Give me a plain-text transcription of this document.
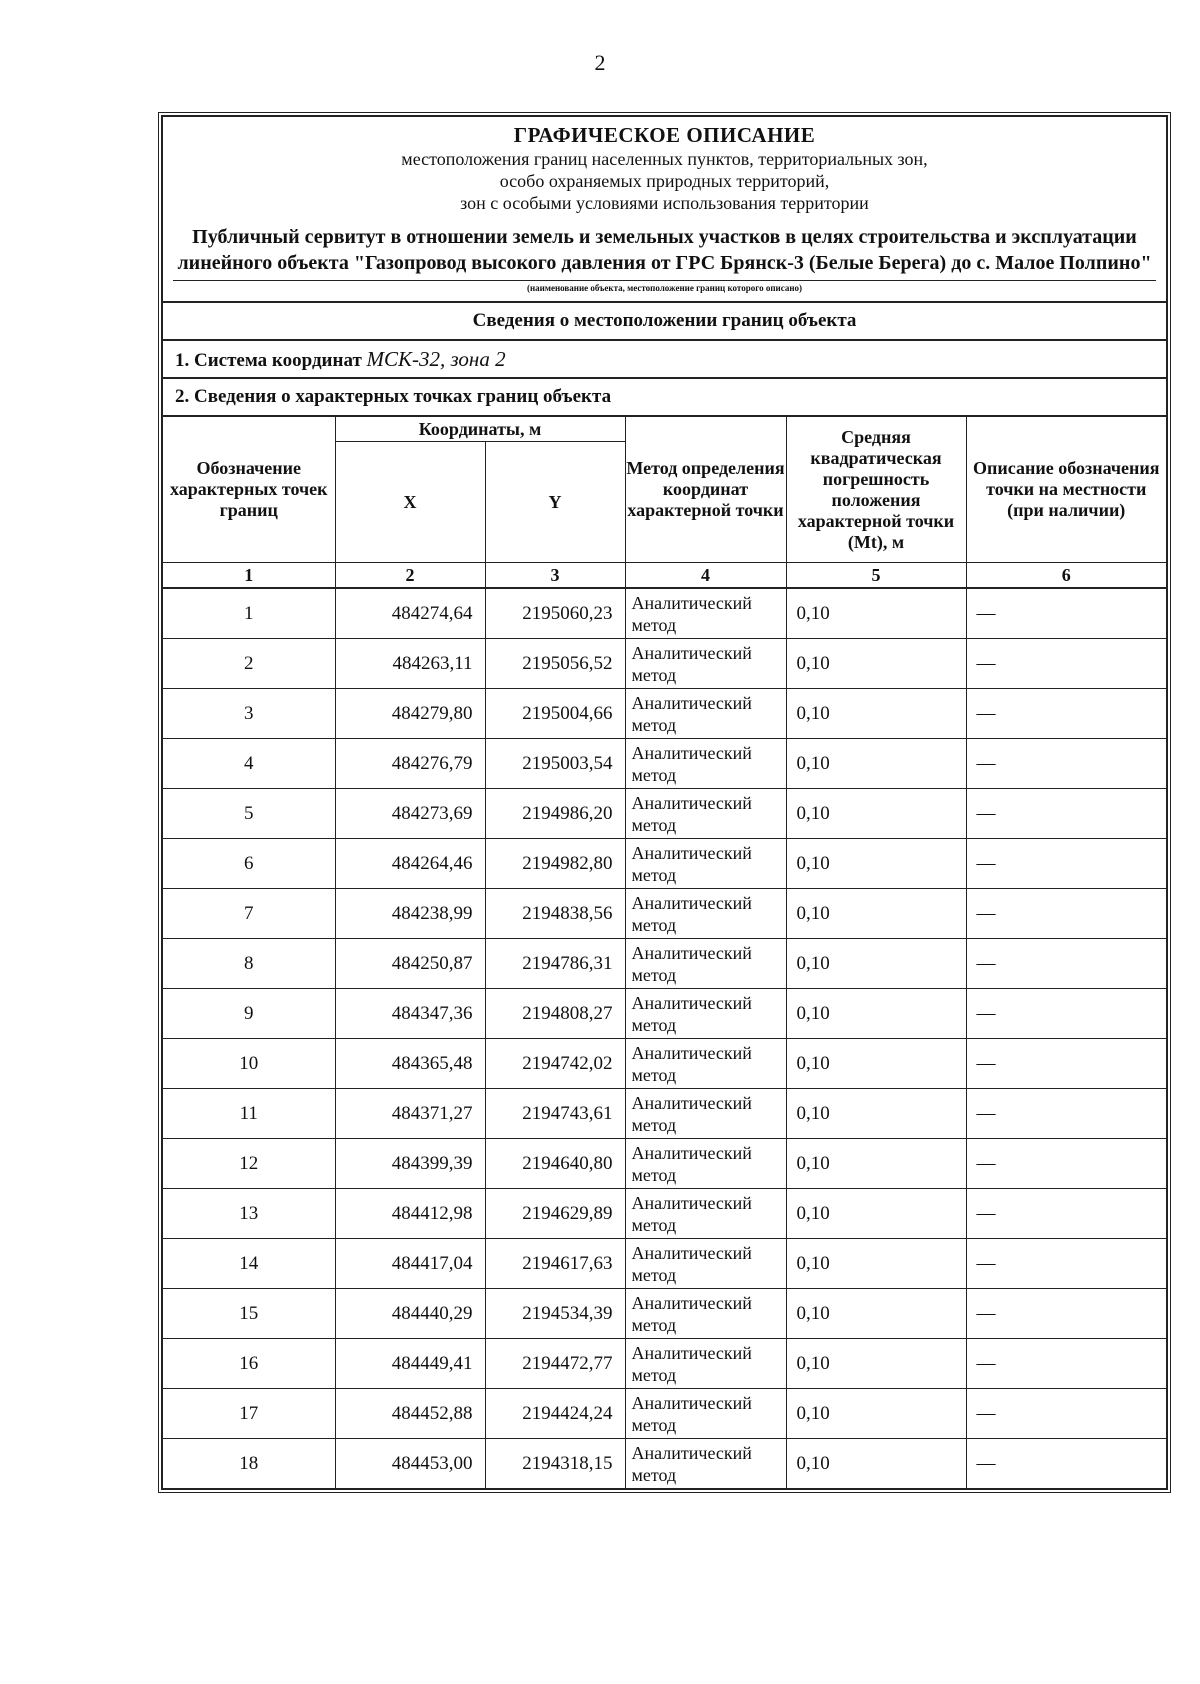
2
ГРАФИЧЕСКОЕ ОПИСАНИЕ
местоположения границ населенных пунктов, территориальных зон,
особо охраняемых природных территорий,
зон с особыми условиями использования территории
Публичный сервитут в отношении земель и земельных участков в целях строительства и эксплуатации линейного объекта "Газопровод высокого давления от ГРС Брянск-3 (Белые Берега) до с. Малое Полпино"
(наименование объекта, местоположение границ которого описано)
Сведения о местоположении границ объекта
1. Система координат МСК-32, зона 2
2. Сведения о характерных точках границ объекта
Обозначение характерных точек границ	Координаты, м		Метод определения координат характерной точки	Средняя квадратическая погрешность положения характерной точки (Mt), м	Описание обозначения точки на местности (при наличии)
	X	Y			
1	2	3	4	5	6
1	484274,64	2195060,23	Аналитический метод	0,10	—
2	484263,11	2195056,52	Аналитический метод	0,10	—
3	484279,80	2195004,66	Аналитический метод	0,10	—
4	484276,79	2195003,54	Аналитический метод	0,10	—
5	484273,69	2194986,20	Аналитический метод	0,10	—
6	484264,46	2194982,80	Аналитический метод	0,10	—
7	484238,99	2194838,56	Аналитический метод	0,10	—
8	484250,87	2194786,31	Аналитический метод	0,10	—
9	484347,36	2194808,27	Аналитический метод	0,10	—
10	484365,48	2194742,02	Аналитический метод	0,10	—
11	484371,27	2194743,61	Аналитический метод	0,10	—
12	484399,39	2194640,80	Аналитический метод	0,10	—
13	484412,98	2194629,89	Аналитический метод	0,10	—
14	484417,04	2194617,63	Аналитический метод	0,10	—
15	484440,29	2194534,39	Аналитический метод	0,10	—
16	484449,41	2194472,77	Аналитический метод	0,10	—
17	484452,88	2194424,24	Аналитический метод	0,10	—
18	484453,00	2194318,15	Аналитический метод	0,10	—
